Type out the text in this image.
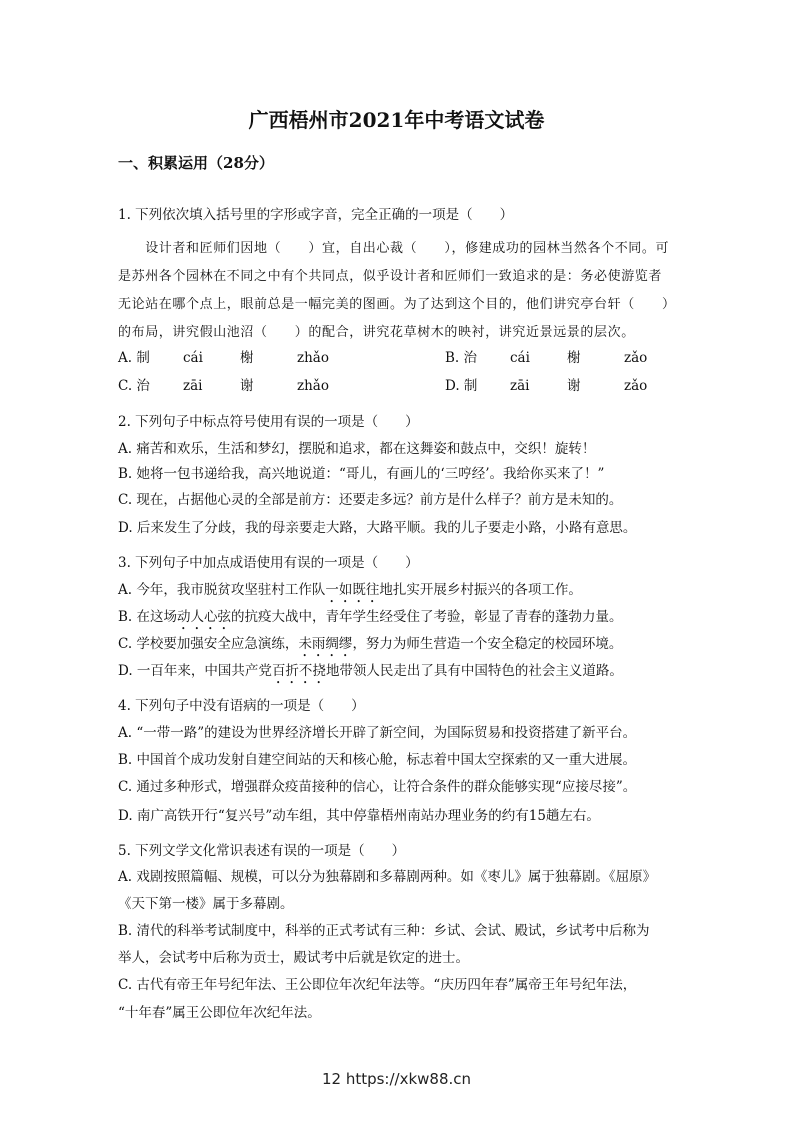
广西梧州市2021年中考语文试卷
一、积累运用（28分）
1. 下列依次填入括号里的字形或字音，完全正确的一项是（　　）
　　设计者和匠师们因地（　　）宜，自出心裁（　　），修建成功的园林当然各个不同。可
是苏州各个园林在不同之中有个共同点，似乎设计者和匠师们一致追求的是：务必使游览者
无论站在哪个点上，眼前总是一幅完美的图画。为了达到这个目的，他们讲究亭台轩（　　）
的布局，讲究假山池沼（　　）的配合，讲究花草树木的映衬，讲究近景远景的层次。
A. 制 cái	榭	zhǎo	B. 治 cái	榭	zǎo
C. 治 zāi	谢	zhǎo	D. 制 zāi	谢	zǎo
2. 下列句子中标点符号使用有误的一项是（　　）
A. 痛苦和欢乐，生活和梦幻，摆脱和追求，都在这舞姿和鼓点中，交织！旋转！
B. 她将一包书递给我，高兴地说道：“哥儿，有画儿的‘三哼经’。我给你买来了！”
C. 现在，占据他心灵的全部是前方：还要走多远？前方是什么样子？前方是未知的。
D. 后来发生了分歧，我的母亲要走大路，大路平顺。我的儿子要走小路，小路有意思。
3. 下列句子中加点成语使用有误的一项是（　　）
A. 今年，我市脱贫攻坚驻村工作队一如既往地扎实开展乡村振兴的各项工作。
B. 在这场动人心弦的抗疫大战中，青年学生经受住了考验，彰显了青春的蓬勃力量。
C. 学校要加强安全应急演练，未雨绸缪，努力为师生营造一个安全稳定的校园环境。
D. 一百年来，中国共产党百折不挠地带领人民走出了具有中国特色的社会主义道路。
4. 下列句子中没有语病的一项是（　　）
A. “一带一路”的建设为世界经济增长开辟了新空间，为国际贸易和投资搭建了新平台。
B. 中国首个成功发射自建空间站的天和核心舱，标志着中国太空探索的又一重大进展。
C. 通过多种形式，增强群众疫苗接种的信心，让符合条件的群众能够实现“应接尽接”。
D. 南广高铁开行“复兴号”动车组，其中停靠梧州南站办理业务的约有15趟左右。
5. 下列文学文化常识表述有误的一项是（　　）
A. 戏剧按照篇幅、规模，可以分为独幕剧和多幕剧两种。如《枣儿》属于独幕剧。《屈原》
《天下第一楼》属于多幕剧。
B. 清代的科举考试制度中，科举的正式考试有三种：乡试、会试、殿试，乡试考中后称为
举人，会试考中后称为贡士，殿试考中后就是钦定的进士。
C. 古代有帝王年号纪年法、王公即位年次纪年法等。“庆历四年春”属帝王年号纪年法，
“十年春”属王公即位年次纪年法。
12 https://xkw88.cn
